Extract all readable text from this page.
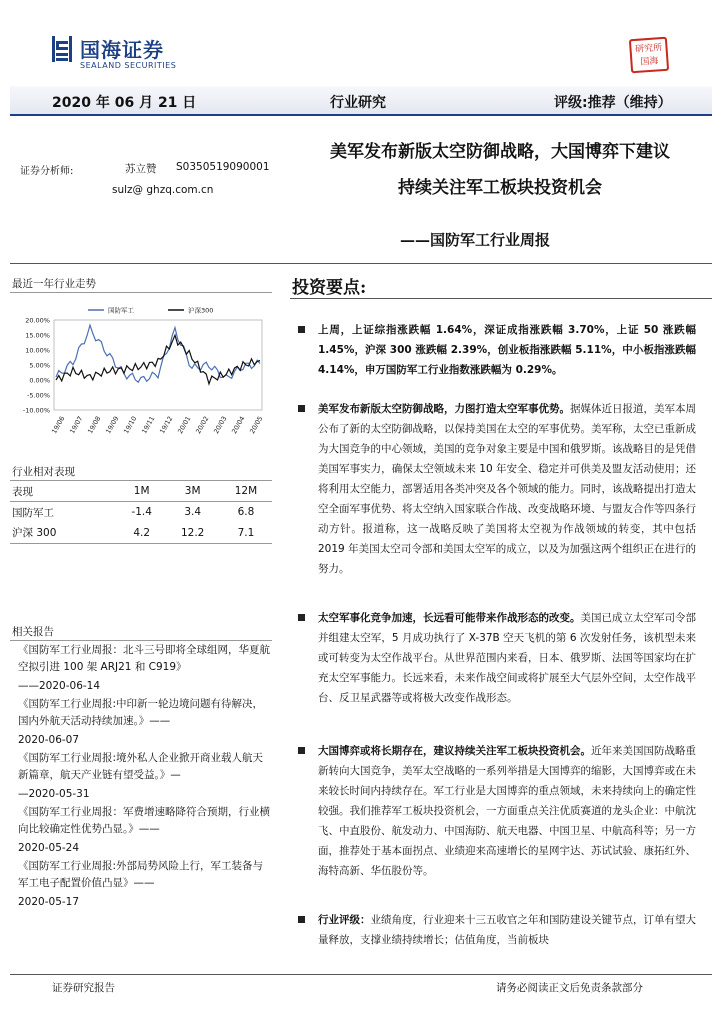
国海证券
SEALAND SECURITIES
研究所
国海
2020 年 06 月 21 日	行业研究	评级:推荐（维持）
证券分析师:	苏立赞 S0350519090001
sulz@ ghzq.com.cn
美军发布新版太空防御战略，大国博弈下建议
持续关注军工板块投资机会
——国防军工行业周报
最近一年行业走势
20.00%
15.00%
10.00%
5.00%
0.00%
-5.00%
-10.00%
19/06 19/07 19/08 19/09 19/10 19/11 19/12 20/01 20/02 20/03 20/04 20/05
国防军工	沪深300
行业相对表现
表现	1M	3M	12M
国防军工	-1.4	3.4	6.8
沪深 300	4.2	12.2	7.1
相关报告
《国防军工行业周报：北斗三号即将全球组网，华夏航空拟引进 100 架 ARJ21 和 C919》
——2020-06-14
《国防军工行业周报:中印新一轮边境问题有待解决，国内外航天活动持续加速。》——
2020-06-07
《国防军工行业周报:境外私人企业掀开商业载人航天新篇章，航天产业链有望受益。》—
—2020-05-31
《国防军工行业周报：军费增速略降符合预期，行业横向比较确定性优势凸显。》——
2020-05-24
《国防军工行业周报:外部局势风险上行，军工装备与军工电子配置价值凸显》——
2020-05-17
投资要点:
上周，上证综指涨跌幅 1.64%，深证成指涨跌幅 3.70%，上证 50 涨跌幅 1.45%，沪深 300 涨跌幅 2.39%，创业板指涨跌幅 5.11%，中小板指涨跌幅 4.14%，申万国防军工行业指数涨跌幅为 0.29%。
美军发布新版太空防御战略，力图打造太空军事优势。据媒体近日报道，美军本周公布了新的太空防御战略，以保持美国在太空的军事优势。美军称，太空已重新成为大国竞争的中心领域，美国的竞争对象主要是中国和俄罗斯。该战略目的是凭借美国军事实力，确保太空领域未来 10 年安全、稳定并可供美及盟友活动使用；还将利用太空能力，部署适用各类冲突及各个领域的能力。同时，该战略提出打造太空全面军事优势、将太空纳入国家联合作战、改变战略环境、与盟友合作等四条行动方针。报道称，这一战略反映了美国将太空视为作战领域的转变，其中包括 2019 年美国太空司令部和美国太空军的成立，以及为加强这两个组织正在进行的努力。
太空军事化竞争加速，长远看可能带来作战形态的改变。美国已成立太空军司令部并组建太空军，5 月成功执行了 X-37B 空天飞机的第 6 次发射任务，该机型未来或可转变为太空作战平台。从世界范围内来看，日本、俄罗斯、法国等国家均在扩充太空军事能力。长远来看，未来作战空间或将扩展至大气层外空间，太空作战平台、反卫星武器等或将极大改变作战形态。
大国博弈或将长期存在，建议持续关注军工板块投资机会。近年来美国国防战略重新转向大国竞争，美军太空战略的一系列举措是大国博弈的缩影，大国博弈或在未来较长时间内持续存在。军工行业是大国博弈的重点领域，未来持续向上的确定性较强。我们推荐军工板块投资机会，一方面重点关注优质赛道的龙头企业：中航沈飞、中直股份、航发动力、中国海防、航天电器、中国卫星、中航高科等；另一方面，推荐处于基本面拐点、业绩迎来高速增长的星网宇达、苏试试验、康拓红外、海特高新、华伍股份等。
行业评级：业绩角度，行业迎来十三五收官之年和国防建设关键节点，订单有望大量释放，支撑业绩持续增长；估值角度，当前板块
证券研究报告	请务必阅读正文后免责条款部分
